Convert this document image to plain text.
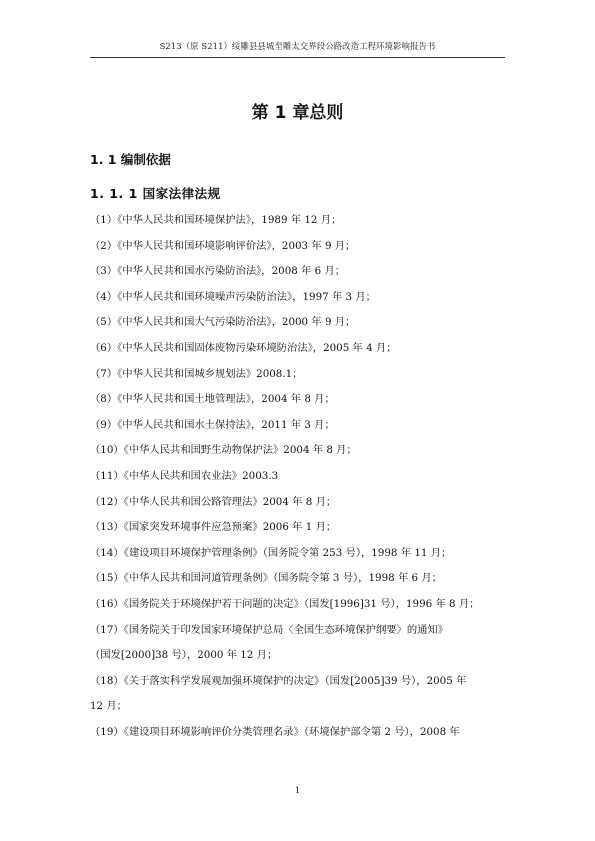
S213（原 S211）绥雕县县城至雕太交界段公路改造工程环境影响报告书
第 1 章总则
1. 1 编制依据
1. 1. 1 国家法律法规
（1）《中华人民共和国环境保护法》，1989 年 12 月；
（2）《中华人民共和国环境影响评价法》，2003 年 9 月；
（3）《中华人民共和国水污染防治法》，2008 年 6 月；
（4）《中华人民共和国环境噪声污染防治法》，1997 年 3 月；
（5）《中华人民共和国大气污染防治法》，2000 年 9 月；
（6）《中华人民共和国固体废物污染环境防治法》，2005 年 4 月；
（7）《中华人民共和国城乡规划法》2008.1；
（8）《中华人民共和国土地管理法》，2004 年 8 月；
（9）《中华人民共和国水土保持法》，2011 年 3 月；
（10）《中华人民共和国野生动物保护法》2004 年 8 月；
（11）《中华人民共和国农业法》2003.3
（12）《中华人民共和国公路管理法》2004 年 8 月；
（13）《国家突发环境事件应急预案》2006 年 1 月；
（14）《建设项目环境保护管理条例》（国务院令第 253 号），1998 年 11 月；
（15）《中华人民共和国河道管理条例》（国务院令第 3 号），1998 年 6 月；
（16）《国务院关于环境保护若干问题的决定》（国发[1996]31 号），1996 年 8 月；
（17）《国务院关于印发国家环境保护总局〈全国生态环境保护纲要〉的通知》
（国发[2000]38 号），2000 年 12 月；
（18）《关于落实科学发展观加强环境保护的决定》（国发[2005]39 号），2005 年
12 月；
（19）《建设项目环境影响评价分类管理名录》（环境保护部令第 2 号），2008 年
1
